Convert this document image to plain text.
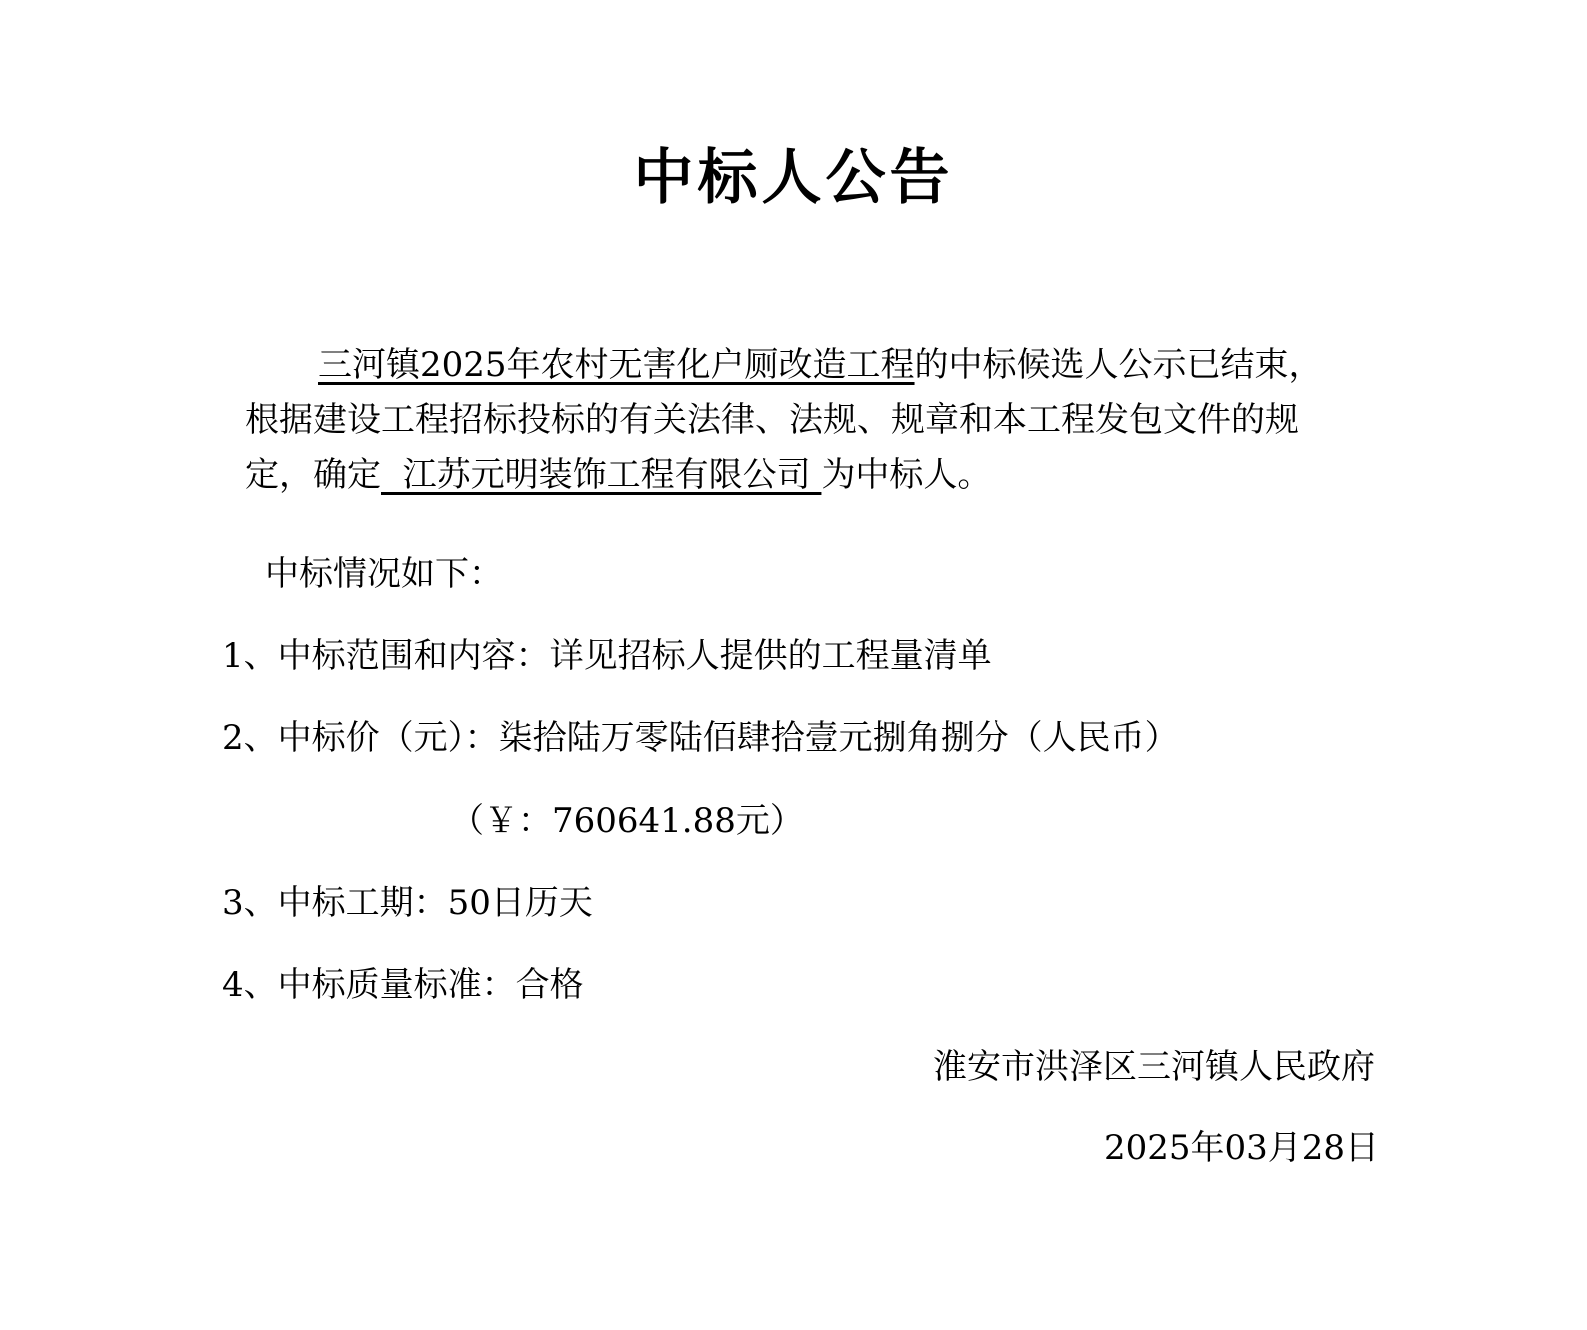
中标人公告
三河镇2025年农村无害化户厕改造工程的中标候选人公示已结束，根据建设工程招标投标的有关法律、法规、规章和本工程发包文件的规定，确定  江苏元明装饰工程有限公司 为中标人。
中标情况如下：
1、中标范围和内容：详见招标人提供的工程量清单
2、中标价（元）：柒拾陆万零陆佰肆拾壹元捌角捌分（人民币）
（￥：760641.88元）
3、中标工期：50日历天
4、中标质量标准：合格
淮安市洪泽区三河镇人民政府
2025年03月28日
